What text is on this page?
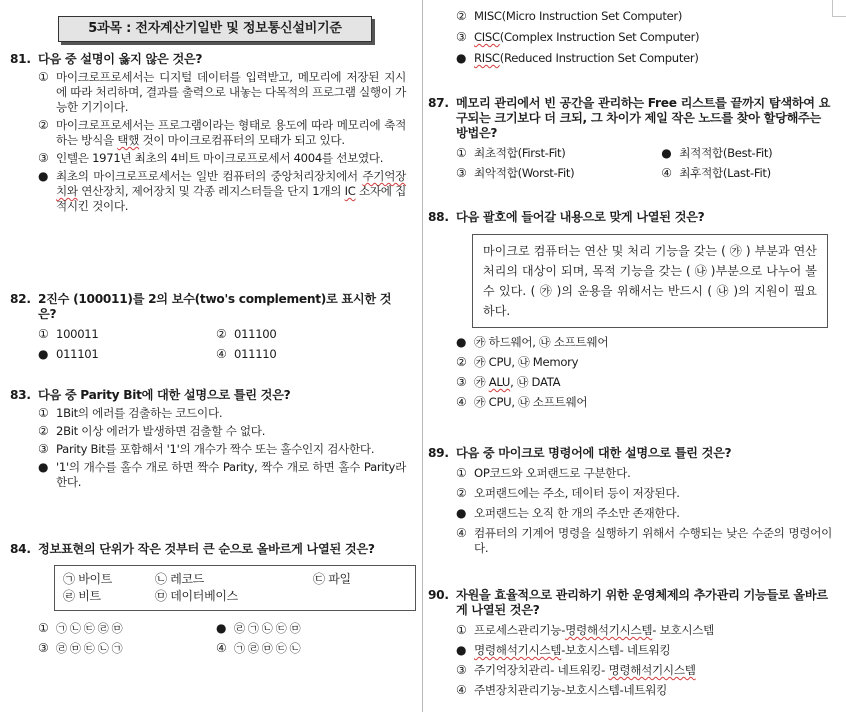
5과목 : 전자계산기일반 및 정보통신설비기준
81. 다음 중 설명이 옳지 않은 것은?
① 마이크로프로세서는 디지털 데이터를 입력받고, 메모리에 저장된 지시에 따라 처리하며, 결과를 출력으로 내놓는 다목적의 프로그램 실행이 가능한 기기이다.
② 마이크로프로세서는 프로그램이라는 형태로 용도에 따라 메모리에 축적하는 방식을 택했 것이 마이크로컴퓨터의 모태가 되고 있다.
③ 인텔은 1971년 최초의 4비트 마이크로프로세서 4004를 선보였다.
● 최초의 마이크로프로세서는 일반 컴퓨터의 중앙처리장치에서 주기억장치와 연산장치, 제어장치 및 각종 레지스터들을 단지 1개의 IC 소자에 집적시킨 것이다.
82. 2진수 (100011)를 2의 보수(two's complement)로 표시한 것은?
① 100011	② 011100
● 011101	④ 011110
83. 다음 중 Parity Bit에 대한 설명으로 틀린 것은?
① 1Bit의 에러를 검출하는 코드이다.
② 2Bit 이상 에러가 발생하면 검출할 수 없다.
③ Parity Bit를 포함해서 '1'의 개수가 짝수 또는 홀수인지 검사한다.
● '1'의 개수를 홀수 개로 하면 짝수 Parity, 짝수 개로 하면 홀수 Parity라 한다.
84. 정보표현의 단위가 작은 것부터 큰 순으로 올바르게 나열된 것은?
㉠ 바이트	㉡ 레코드	㉢ 파일
㉣ 비트	㉤ 데이터베이스
① ㉠ ㉡ ㉢ ㉣ ㉤	● ㉣ ㉠ ㉡ ㉢ ㉤
③ ㉣ ㉤ ㉢ ㉡ ㉠	④ ㉠ ㉣ ㉤ ㉢ ㉡
② MISC(Micro Instruction Set Computer)
③ CISC(Complex Instruction Set Computer)
● RISC(Reduced Instruction Set Computer)
87. 메모리 관리에서 빈 공간을 관리하는 Free 리스트를 끝까지 탐색하여 요구되는 크기보다 더 크되, 그 차이가 제일 작은 노드를 찾아 할당해주는 방법은?
① 최초적합(First-Fit)	● 최적적합(Best-Fit)
③ 최악적합(Worst-Fit)	④ 최후적합(Last-Fit)
88. 다음 괄호에 들어갈 내용으로 맞게 나열된 것은?
마이크로 컴퓨터는 연산 및 처리 기능을 갖는 ( ㉮ ) 부분과 연산 처리의 대상이 되며, 목적 기능을 갖는 ( ㉯ )부분으로 나누어 볼 수 있다. ( ㉮ )의 운용을 위해서는 반드시 ( ㉯ )의 지원이 필요하다.
● ㉮ 하드웨어, ㉯ 소프트웨어
② ㉮ CPU, ㉯ Memory
③ ㉮ ALU, ㉯ DATA
④ ㉮ CPU, ㉯ 소프트웨어
89. 다음 중 마이크로 명령어에 대한 설명으로 틀린 것은?
① OP코드와 오퍼랜드로 구분한다.
② 오퍼랜드에는 주소, 데이터 등이 저장된다.
● 오퍼랜드는 오직 한 개의 주소만 존재한다.
④ 컴퓨터의 기계어 명령을 실행하기 위해서 수행되는 낮은 수준의 명령어이다.
90. 자원을 효율적으로 관리하기 위한 운영체제의 추가관리 기능들로 올바르게 나열된 것은?
① 프로세스관리기능-명령해석기시스템- 보호시스템
● 명령해석기시스템-보호시스템- 네트워킹
③ 주기억장치관리- 네트워킹- 명령해석기시스템
④ 주변장치관리기능-보호시스템-네트워킹
